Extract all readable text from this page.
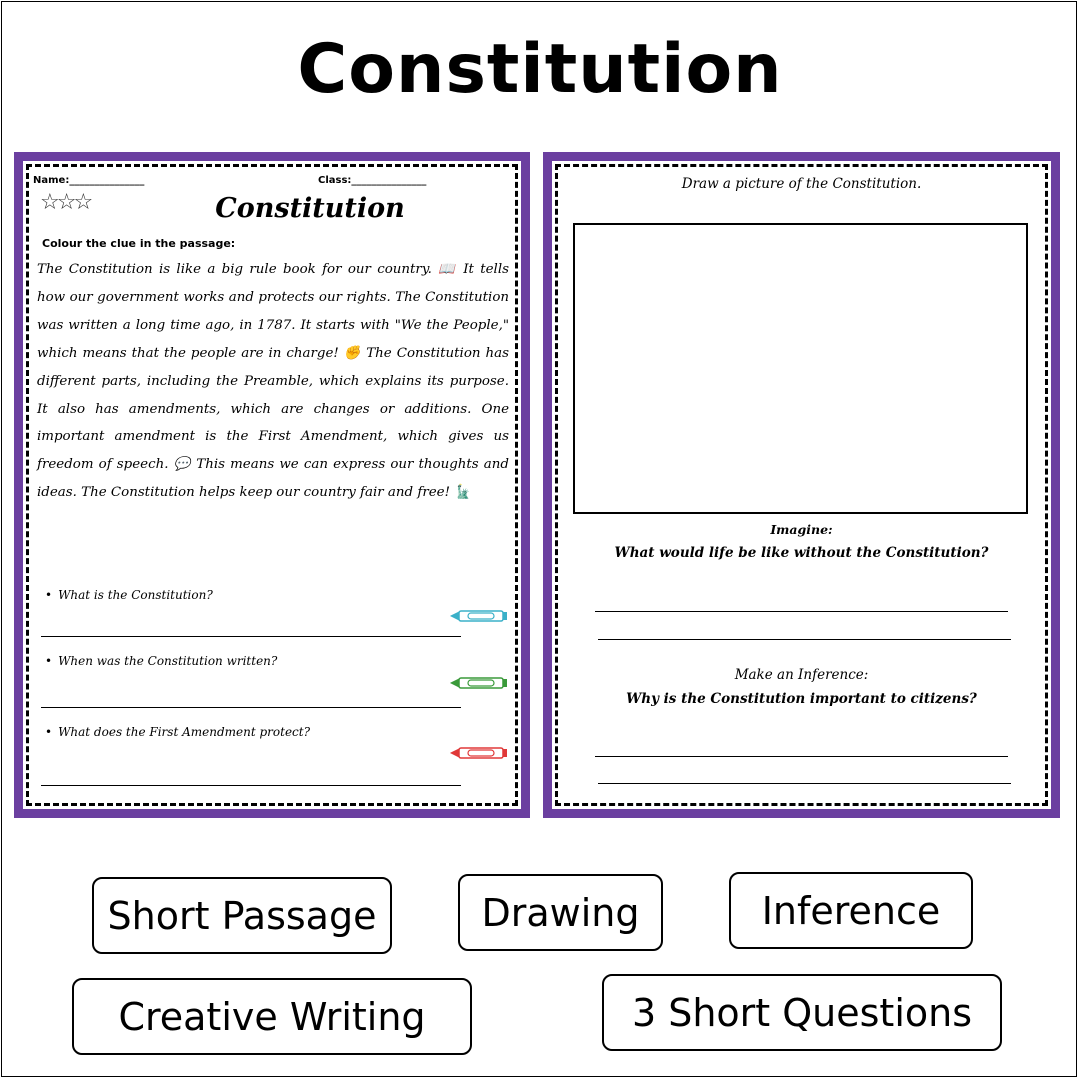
Constitution
Name:_______________	Class:_______________
☆☆☆	Constitution
Colour the clue in the passage:
The Constitution is like a big rule book for our country. 📖 It tells how our government works and protects our rights. The Constitution was written a long time ago, in 1787. It starts with "We the People," which means that the people are in charge! ✊ The Constitution has different parts, including the Preamble, which explains its purpose. It also has amendments, which are changes or additions. One important amendment is the First Amendment, which gives us freedom of speech. 💬 This means we can express our thoughts and ideas. The Constitution helps keep our country fair and free! 🗽
• What is the Constitution?
• When was the Constitution written?
• What does the First Amendment protect?
Draw a picture of the Constitution.
Imagine:
What would life be like without the Constitution?
Make an Inference:
Why is the Constitution important to citizens?
Short Passage	Drawing	Inference
Creative Writing	3 Short Questions
